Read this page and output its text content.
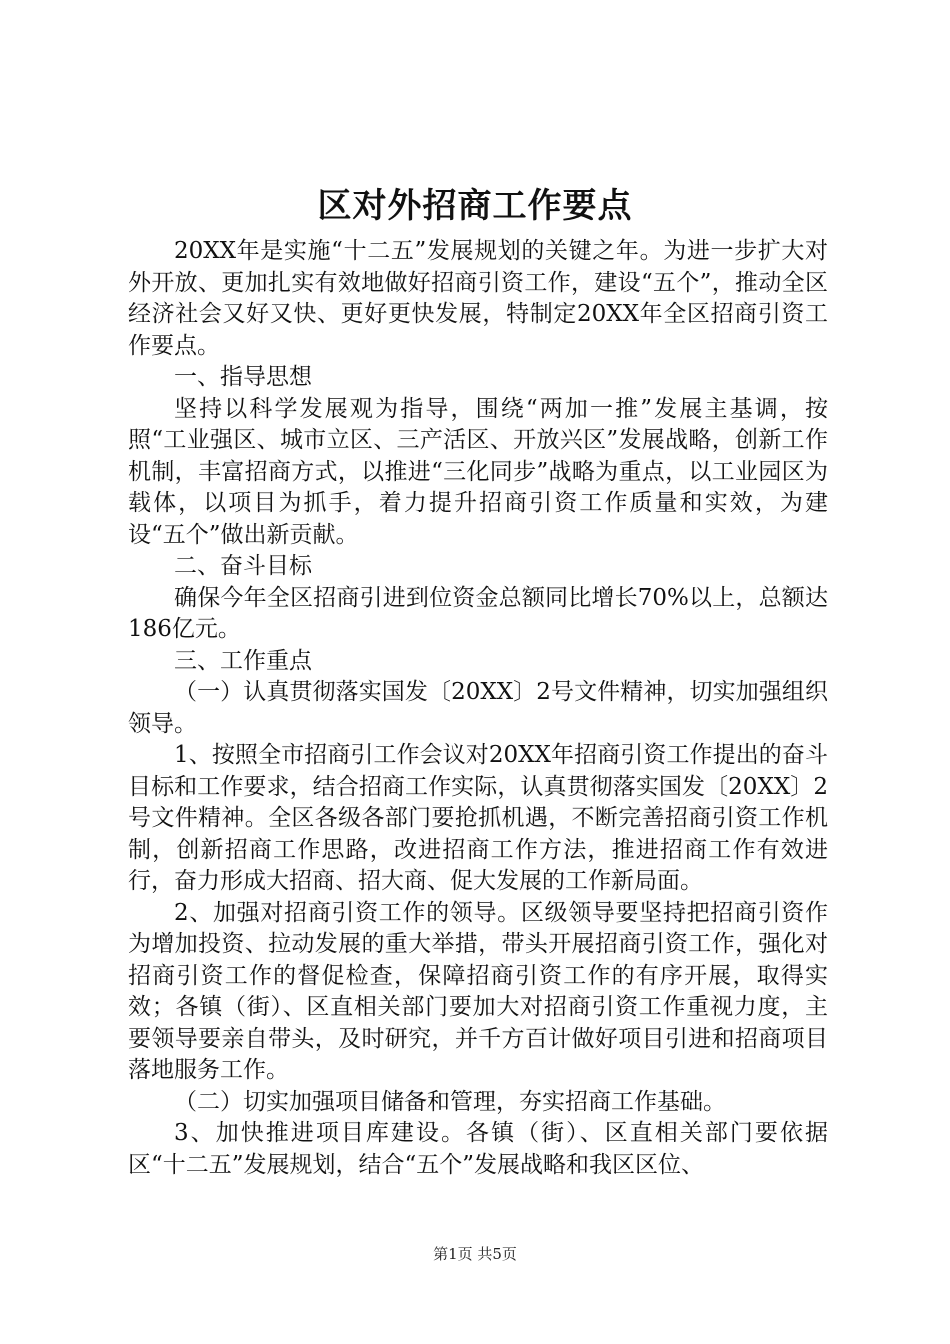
区对外招商工作要点

20XX年是实施“十二五”发展规划的关键之年。为进一步扩大对外开放、更加扎实有效地做好招商引资工作，建设“五个”，推动全区经济社会又好又快、更好更快发展，特制定20XX年全区招商引资工作要点。

一、指导思想

坚持以科学发展观为指导，围绕“两加一推”发展主基调，按照“工业强区、城市立区、三产活区、开放兴区”发展战略，创新工作机制，丰富招商方式，以推进“三化同步”战略为重点，以工业园区为载体，以项目为抓手，着力提升招商引资工作质量和实效，为建设“五个”做出新贡献。

二、奋斗目标

确保今年全区招商引进到位资金总额同比增长70%以上，总额达186亿元。

三、工作重点

（一）认真贯彻落实国发〔20XX〕2号文件精神，切实加强组织领导。

1、按照全市招商引工作会议对20XX年招商引资工作提出的奋斗目标和工作要求，结合招商工作实际，认真贯彻落实国发〔20XX〕2号文件精神。全区各级各部门要抢抓机遇，不断完善招商引资工作机制，创新招商工作思路，改进招商工作方法，推进招商工作有效进行，奋力形成大招商、招大商、促大发展的工作新局面。

2、加强对招商引资工作的领导。区级领导要坚持把招商引资作为增加投资、拉动发展的重大举措，带头开展招商引资工作，强化对招商引资工作的督促检查，保障招商引资工作的有序开展，取得实效；各镇（街）、区直相关部门要加大对招商引资工作重视力度，主要领导要亲自带头，及时研究，并千方百计做好项目引进和招商项目落地服务工作。

（二）切实加强项目储备和管理，夯实招商工作基础。

3、加快推进项目库建设。各镇（街）、区直相关部门要依据区“十二五”发展规划，结合“五个”发展战略和我区区位、

第1页 共5页
